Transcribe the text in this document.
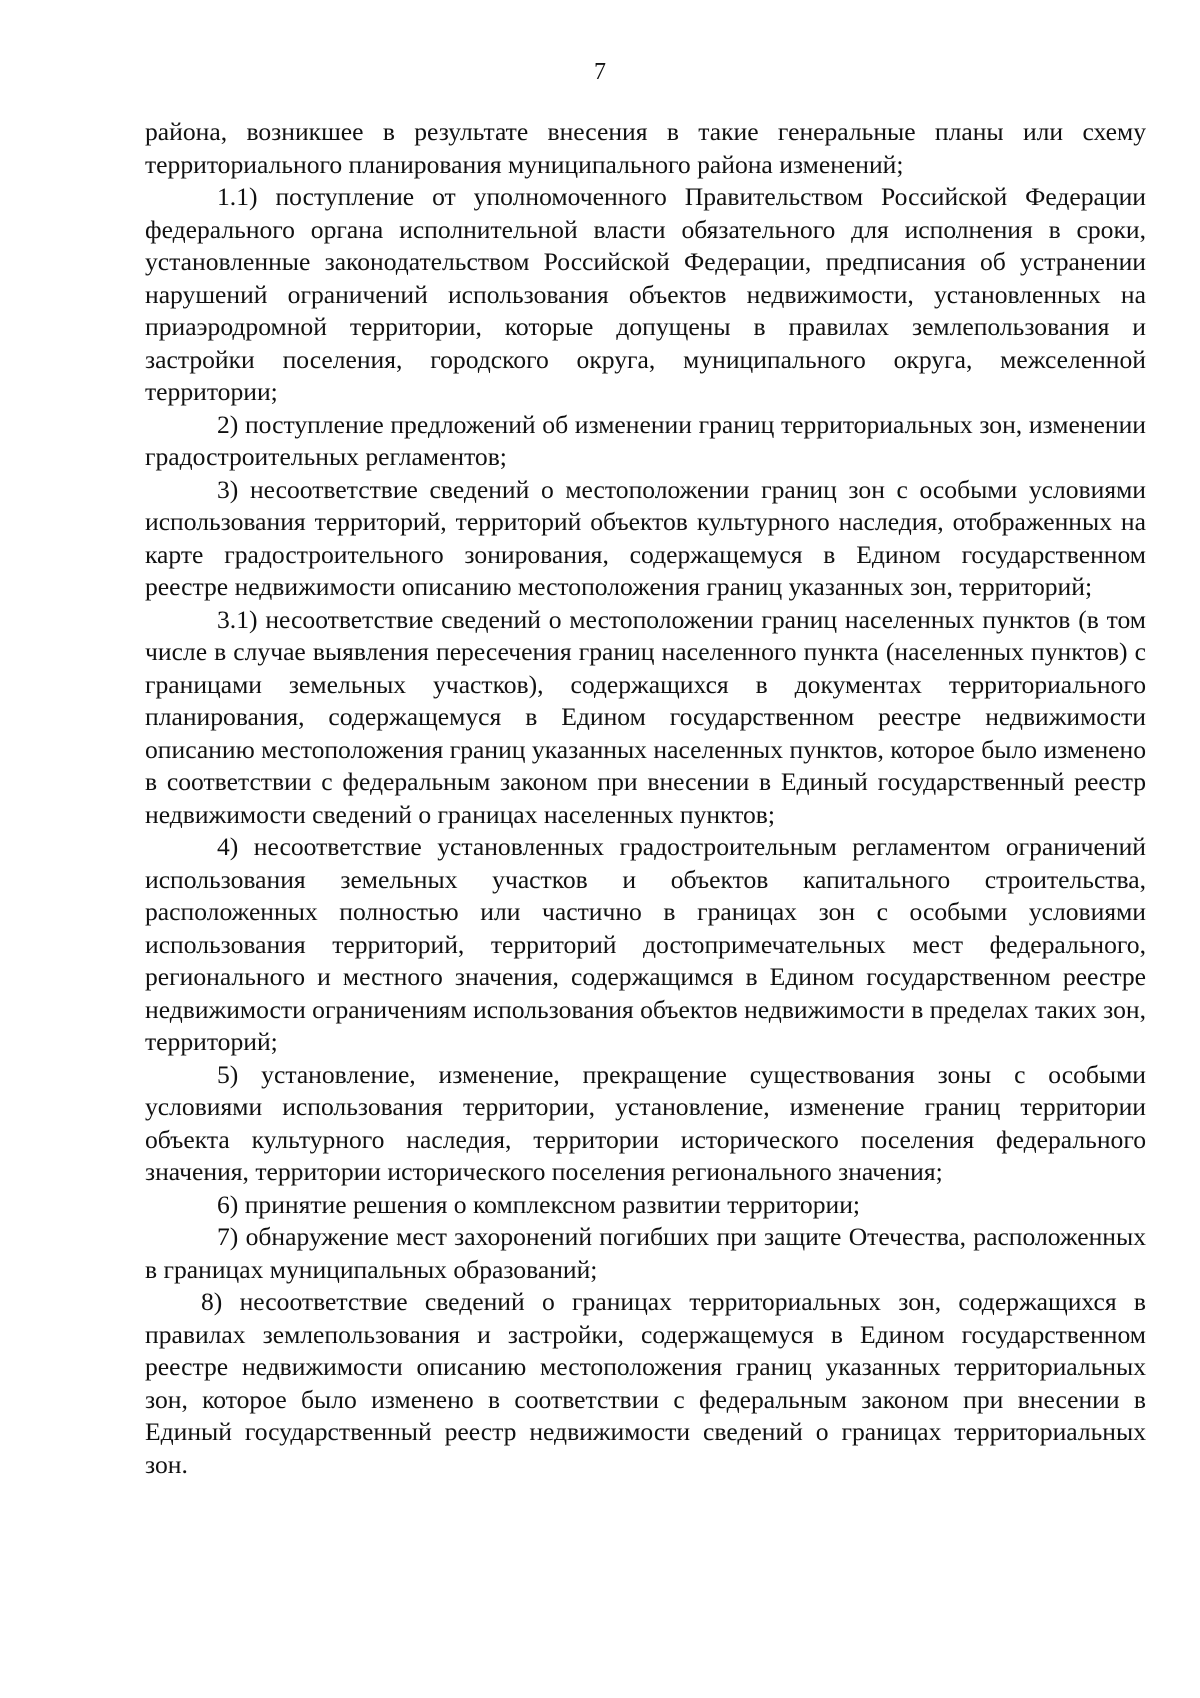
7

района, возникшее в результате внесения в такие генеральные планы или схему территориального планирования муниципального района изменений;

1.1) поступление от уполномоченного Правительством Российской Федерации федерального органа исполнительной власти обязательного для исполнения в сроки, установленные законодательством Российской Федерации, предписания об устранении нарушений ограничений использования объектов недвижимости, установленных на приаэродромной территории, которые допущены в правилах землепользования и застройки поселения, городского округа, муниципального округа, межселенной территории;

2) поступление предложений об изменении границ территориальных зон, изменении градостроительных регламентов;

3) несоответствие сведений о местоположении границ зон с особыми условиями использования территорий, территорий объектов культурного наследия, отображенных на карте градостроительного зонирования, содержащемуся в Едином государственном реестре недвижимости описанию местоположения границ указанных зон, территорий;

3.1) несоответствие сведений о местоположении границ населенных пунктов (в том числе в случае выявления пересечения границ населенного пункта (населенных пунктов) с границами земельных участков), содержащихся в документах территориального планирования, содержащемуся в Едином государственном реестре недвижимости описанию местоположения границ указанных населенных пунктов, которое было изменено в соответствии с федеральным законом при внесении в Единый государственный реестр недвижимости сведений о границах населенных пунктов;

4) несоответствие установленных градостроительным регламентом ограничений использования земельных участков и объектов капитального строительства, расположенных полностью или частично в границах зон с особыми условиями использования территорий, территорий достопримечательных мест федерального, регионального и местного значения, содержащимся в Едином государственном реестре недвижимости ограничениям использования объектов недвижимости в пределах таких зон, территорий;

5) установление, изменение, прекращение существования зоны с особыми условиями использования территории, установление, изменение границ территории объекта культурного наследия, территории исторического поселения федерального значения, территории исторического поселения регионального значения;

6) принятие решения о комплексном развитии территории;

7) обнаружение мест захоронений погибших при защите Отечества, расположенных в границах муниципальных образований;

8) несоответствие сведений о границах территориальных зон, содержащихся в правилах землепользования и застройки, содержащемуся в Едином государственном реестре недвижимости описанию местоположения границ указанных территориальных зон, которое было изменено в соответствии с федеральным законом при внесении в Единый государственный реестр недвижимости сведений о границах территориальных зон.
